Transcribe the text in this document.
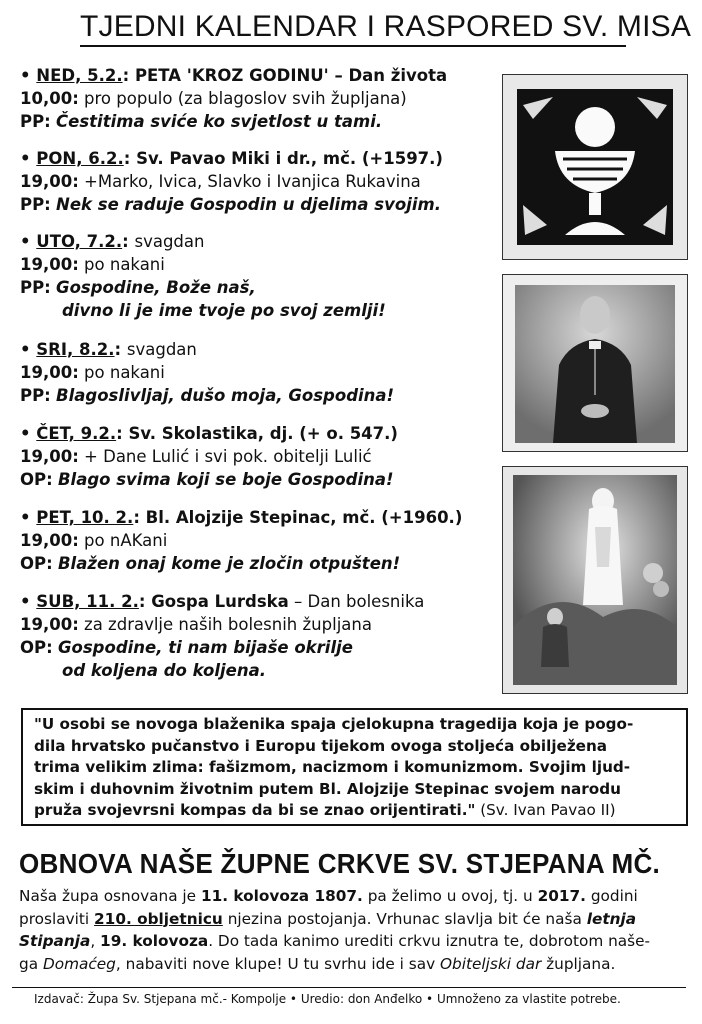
TJEDNI KALENDAR I RASPORED SV. MISA
• NED, 5.2.: PETA 'KROZ GODINU' – Dan života
10,00: pro populo (za blagoslov svih župljana)
PP: Čestitima sviće ko svjetlost u tami.
• PON, 6.2.: Sv. Pavao Miki i dr., mč. (+1597.)
19,00: +Marko, Ivica, Slavko i Ivanjica Rukavina
PP: Nek se raduje Gospodin u djelima svojim.
• UTO, 7.2.: svagdan
19,00: po nakani
PP: Gospodine, Bože naš,
divno li je ime tvoje po svoj zemlji!
• SRI, 8.2.: svagdan
19,00: po nakani
PP: Blagoslivljaj, dušo moja, Gospodina!
• ČET, 9.2.: Sv. Skolastika, dj. (+ o. 547.)
19,00: + Dane Lulić i svi pok. obitelji Lulić
OP: Blago svima koji se boje Gospodina!
• PET, 10. 2.: Bl. Alojzije Stepinac, mč. (+1960.)
19,00: po nAKani
OP: Blažen onaj kome je zločin otpušten!
• SUB, 11. 2.: Gospa Lurdska – Dan bolesnika
19,00: za zdravlje naših bolesnih župljana
OP: Gospodine, ti nam bijaše okrilje
od koljena do koljena.
"U osobi se novoga blaženika spaja cjelokupna tragedija koja je pogo-
dila hrvatsko pučanstvo i Europu tijekom ovoga stoljeća obilježena
trima velikim zlima: fašizmom, nacizmom i komunizmom. Svojim ljud-
skim i duhovnim životnim putem Bl. Alojzije Stepinac svojem narodu
pruža svojevrsni kompas da bi se znao orijentirati." (Sv. Ivan Pavao II)
OBNOVA NAŠE ŽUPNE CRKVE SV. STJEPANA MČ.
Naša župa osnovana je 11. kolovoza 1807. pa želimo u ovoj, tj. u 2017. godini
proslaviti 210. obljetnicu njezina postojanja. Vrhunac slavlja bit će naša letnja
Stipanja, 19. kolovoza. Do tada kanimo urediti crkvu iznutra te, dobrotom naše-
ga Domaćeg, nabaviti nove klupe! U tu svrhu ide i sav Obiteljski dar župljana.
Izdavač: Župa Sv. Stjepana mč.- Kompolje • Uredio: don Anđelko • Umnoženo za vlastite potrebe.
